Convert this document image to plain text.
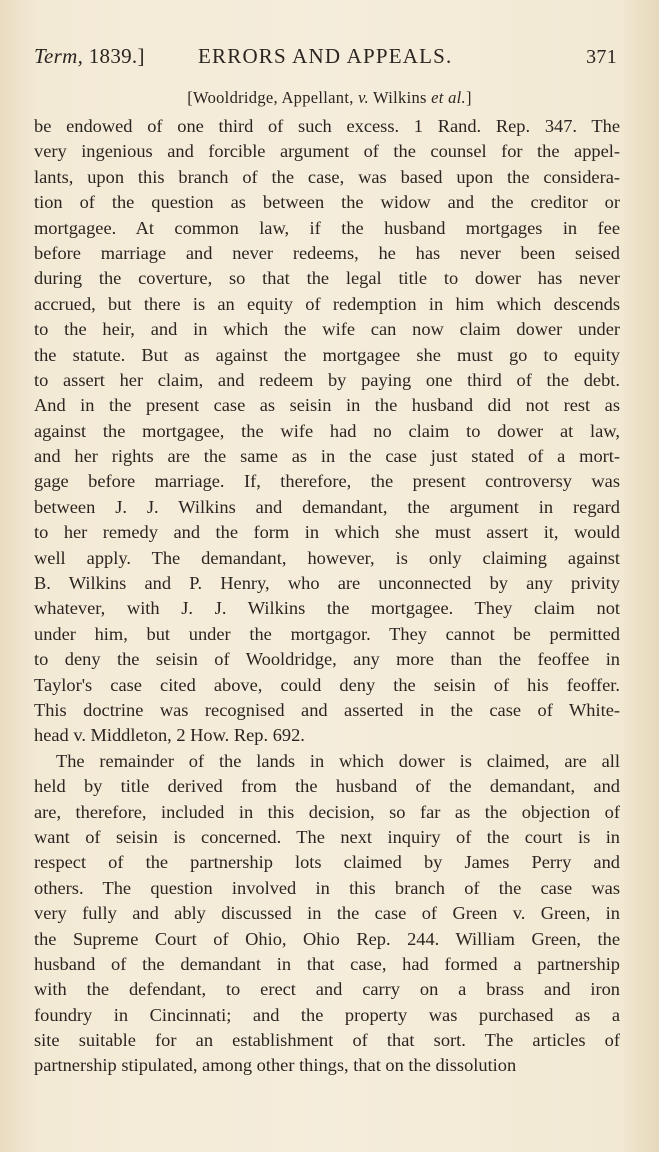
Term, 1839.]	ERRORS AND APPEALS.	371
[Wooldridge, Appellant, v. Wilkins et al.]
be endowed of one third of such excess. 1 Rand. Rep. 347. The
very ingenious and forcible argument of the counsel for the appel-
lants, upon this branch of the case, was based upon the considera-
tion of the question as between the widow and the creditor or
mortgagee. At common law, if the husband mortgages in fee
before marriage and never redeems, he has never been seised
during the coverture, so that the legal title to dower has never
accrued, but there is an equity of redemption in him which descends
to the heir, and in which the wife can now claim dower under
the statute. But as against the mortgagee she must go to equity
to assert her claim, and redeem by paying one third of the debt.
And in the present case as seisin in the husband did not rest as
against the mortgagee, the wife had no claim to dower at law,
and her rights are the same as in the case just stated of a mort-
gage before marriage. If, therefore, the present controversy was
between J. J. Wilkins and demandant, the argument in regard
to her remedy and the form in which she must assert it, would
well apply. The demandant, however, is only claiming against
B. Wilkins and P. Henry, who are unconnected by any privity
whatever, with J. J. Wilkins the mortgagee. They claim not
under him, but under the mortgagor. They cannot be permitted
to deny the seisin of Wooldridge, any more than the feoffee in
Taylor's case cited above, could deny the seisin of his feoffer.
This doctrine was recognised and asserted in the case of White-
head v. Middleton, 2 How. Rep. 692.
The remainder of the lands in which dower is claimed, are all
held by title derived from the husband of the demandant, and
are, therefore, included in this decision, so far as the objection of
want of seisin is concerned. The next inquiry of the court is in
respect of the partnership lots claimed by James Perry and
others. The question involved in this branch of the case was
very fully and ably discussed in the case of Green v. Green, in
the Supreme Court of Ohio, Ohio Rep. 244. William Green, the
husband of the demandant in that case, had formed a partnership
with the defendant, to erect and carry on a brass and iron
foundry in Cincinnati; and the property was purchased as a
site suitable for an establishment of that sort. The articles of
partnership stipulated, among other things, that on the dissolution
